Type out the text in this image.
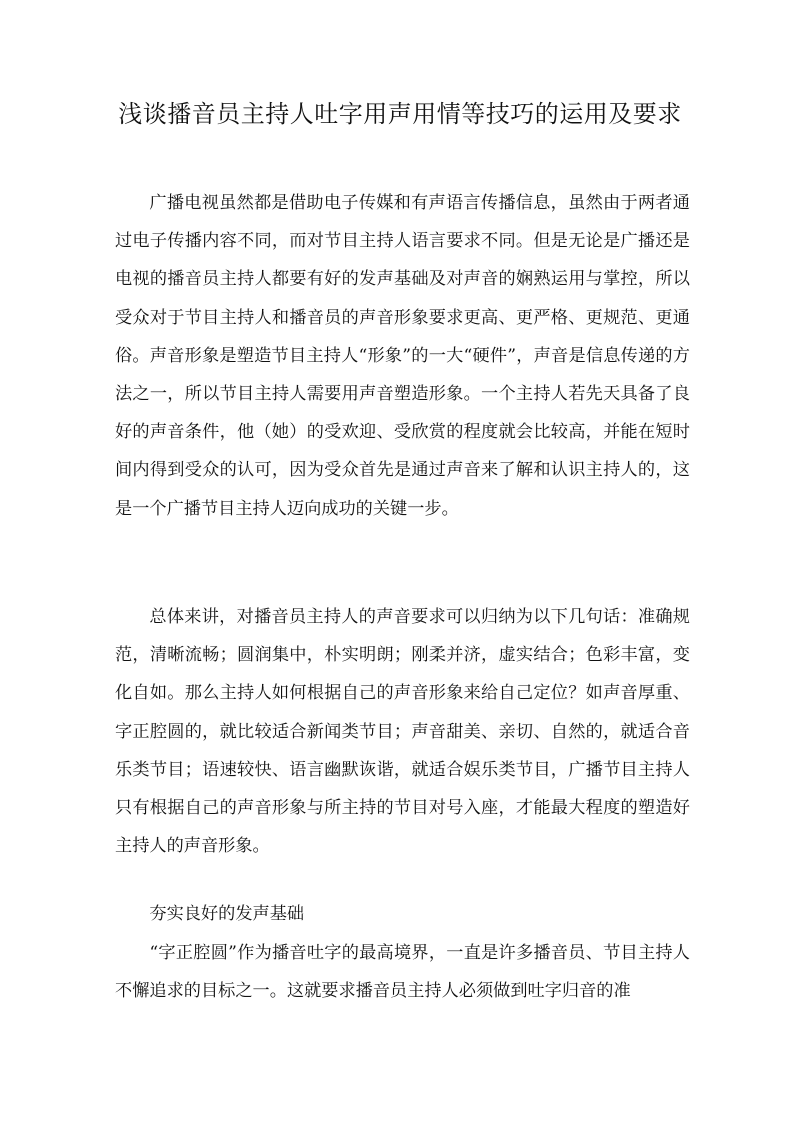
浅谈播音员主持人吐字用声用情等技巧的运用及要求

广播电视虽然都是借助电子传媒和有声语言传播信息，虽然由于两者通过电子传播内容不同，而对节目主持人语言要求不同。但是无论是广播还是电视的播音员主持人都要有好的发声基础及对声音的娴熟运用与掌控，所以受众对于节目主持人和播音员的声音形象要求更高、更严格、更规范、更通俗。声音形象是塑造节目主持人“形象”的一大“硬件”，声音是信息传递的方法之一，所以节目主持人需要用声音塑造形象。一个主持人若先天具备了良好的声音条件，他（她）的受欢迎、受欣赏的程度就会比较高，并能在短时间内得到受众的认可，因为受众首先是通过声音来了解和认识主持人的，这是一个广播节目主持人迈向成功的关键一步。

总体来讲，对播音员主持人的声音要求可以归纳为以下几句话：准确规范，清晰流畅；圆润集中，朴实明朗；刚柔并济，虚实结合；色彩丰富，变化自如。那么主持人如何根据自己的声音形象来给自己定位？如声音厚重、字正腔圆的，就比较适合新闻类节目；声音甜美、亲切、自然的，就适合音乐类节目；语速较快、语言幽默诙谐，就适合娱乐类节目，广播节目主持人只有根据自己的声音形象与所主持的节目对号入座，才能最大程度的塑造好主持人的声音形象。

夯实良好的发声基础

“字正腔圆”作为播音吐字的最高境界，一直是许多播音员、节目主持人不懈追求的目标之一。这就要求播音员主持人必须做到吐字归音的准
